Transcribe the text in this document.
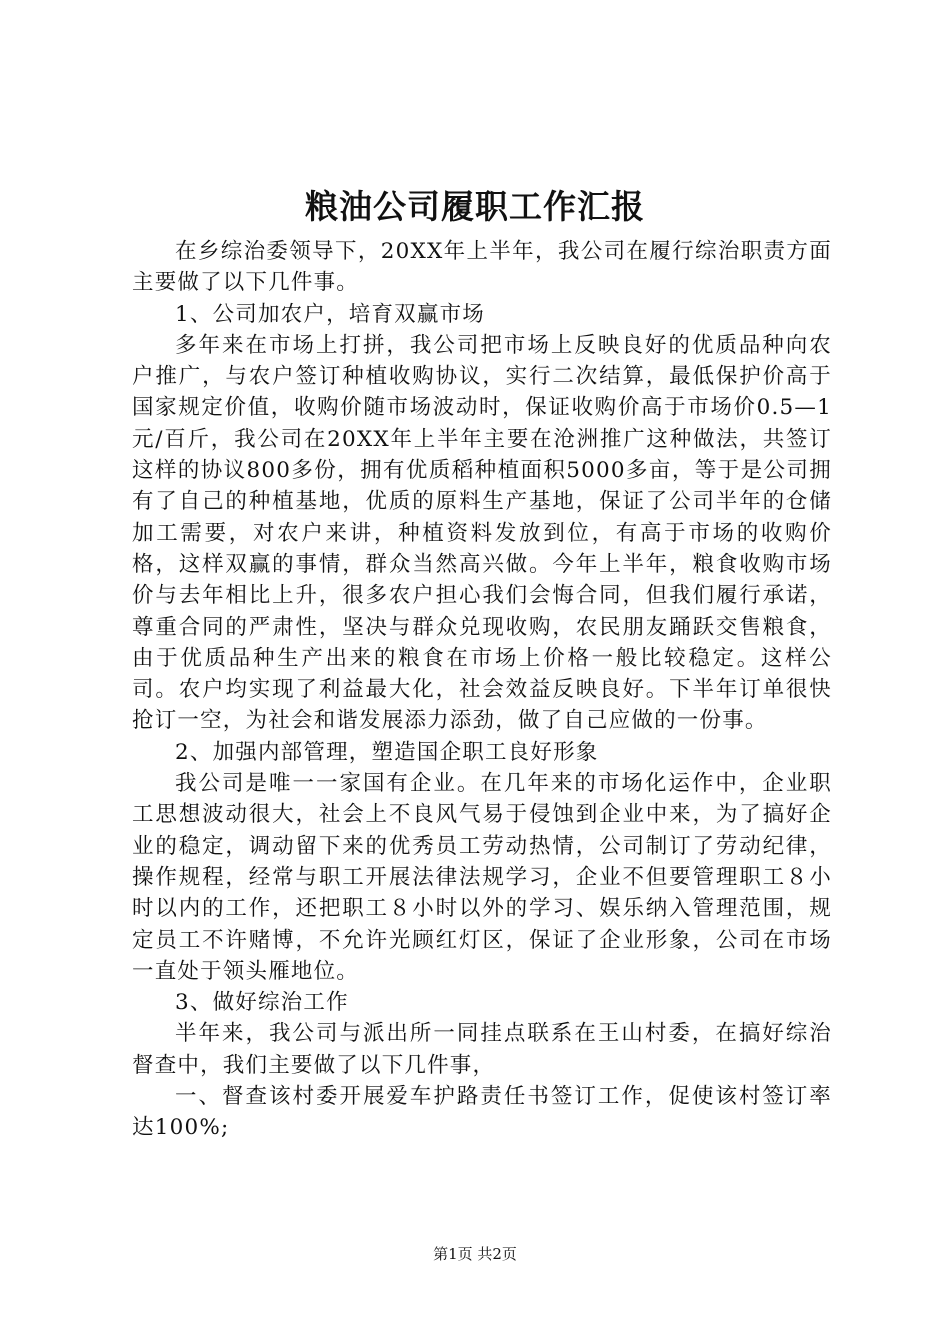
粮油公司履职工作汇报

在乡综治委领导下，20XX年上半年，我公司在履行综治职责方面主要做了以下几件事。

1、公司加农户，培育双赢市场

多年来在市场上打拼，我公司把市场上反映良好的优质品种向农户推广，与农户签订种植收购协议，实行二次结算，最低保护价高于国家规定价值，收购价随市场波动时，保证收购价高于市场价0.5—1元/百斤，我公司在20XX年上半年主要在沧洲推广这种做法，共签订这样的协议800多份，拥有优质稻种植面积5000多亩，等于是公司拥有了自己的种植基地，优质的原料生产基地，保证了公司半年的仓储加工需要，对农户来讲，种植资料发放到位，有高于市场的收购价格，这样双赢的事情，群众当然高兴做。今年上半年，粮食收购市场价与去年相比上升，很多农户担心我们会悔合同，但我们履行承诺，尊重合同的严肃性，坚决与群众兑现收购，农民朋友踊跃交售粮食，由于优质品种生产出来的粮食在市场上价格一般比较稳定。这样公司。农户均实现了利益最大化，社会效益反映良好。下半年订单很快抢订一空，为社会和谐发展添力添劲，做了自己应做的一份事。

2、加强内部管理，塑造国企职工良好形象

我公司是唯一一家国有企业。在几年来的市场化运作中，企业职工思想波动很大，社会上不良风气易于侵蚀到企业中来，为了搞好企业的稳定，调动留下来的优秀员工劳动热情，公司制订了劳动纪律，操作规程，经常与职工开展法律法规学习，企业不但要管理职工８小时以内的工作，还把职工８小时以外的学习、娱乐纳入管理范围，规定员工不许赌博，不允许光顾红灯区，保证了企业形象，公司在市场一直处于领头雁地位。

3、做好综治工作

半年来，我公司与派出所一同挂点联系在王山村委，在搞好综治督查中，我们主要做了以下几件事，

一、督查该村委开展爱车护路责任书签订工作，促使该村签订率达100%;

第1页 共2页
